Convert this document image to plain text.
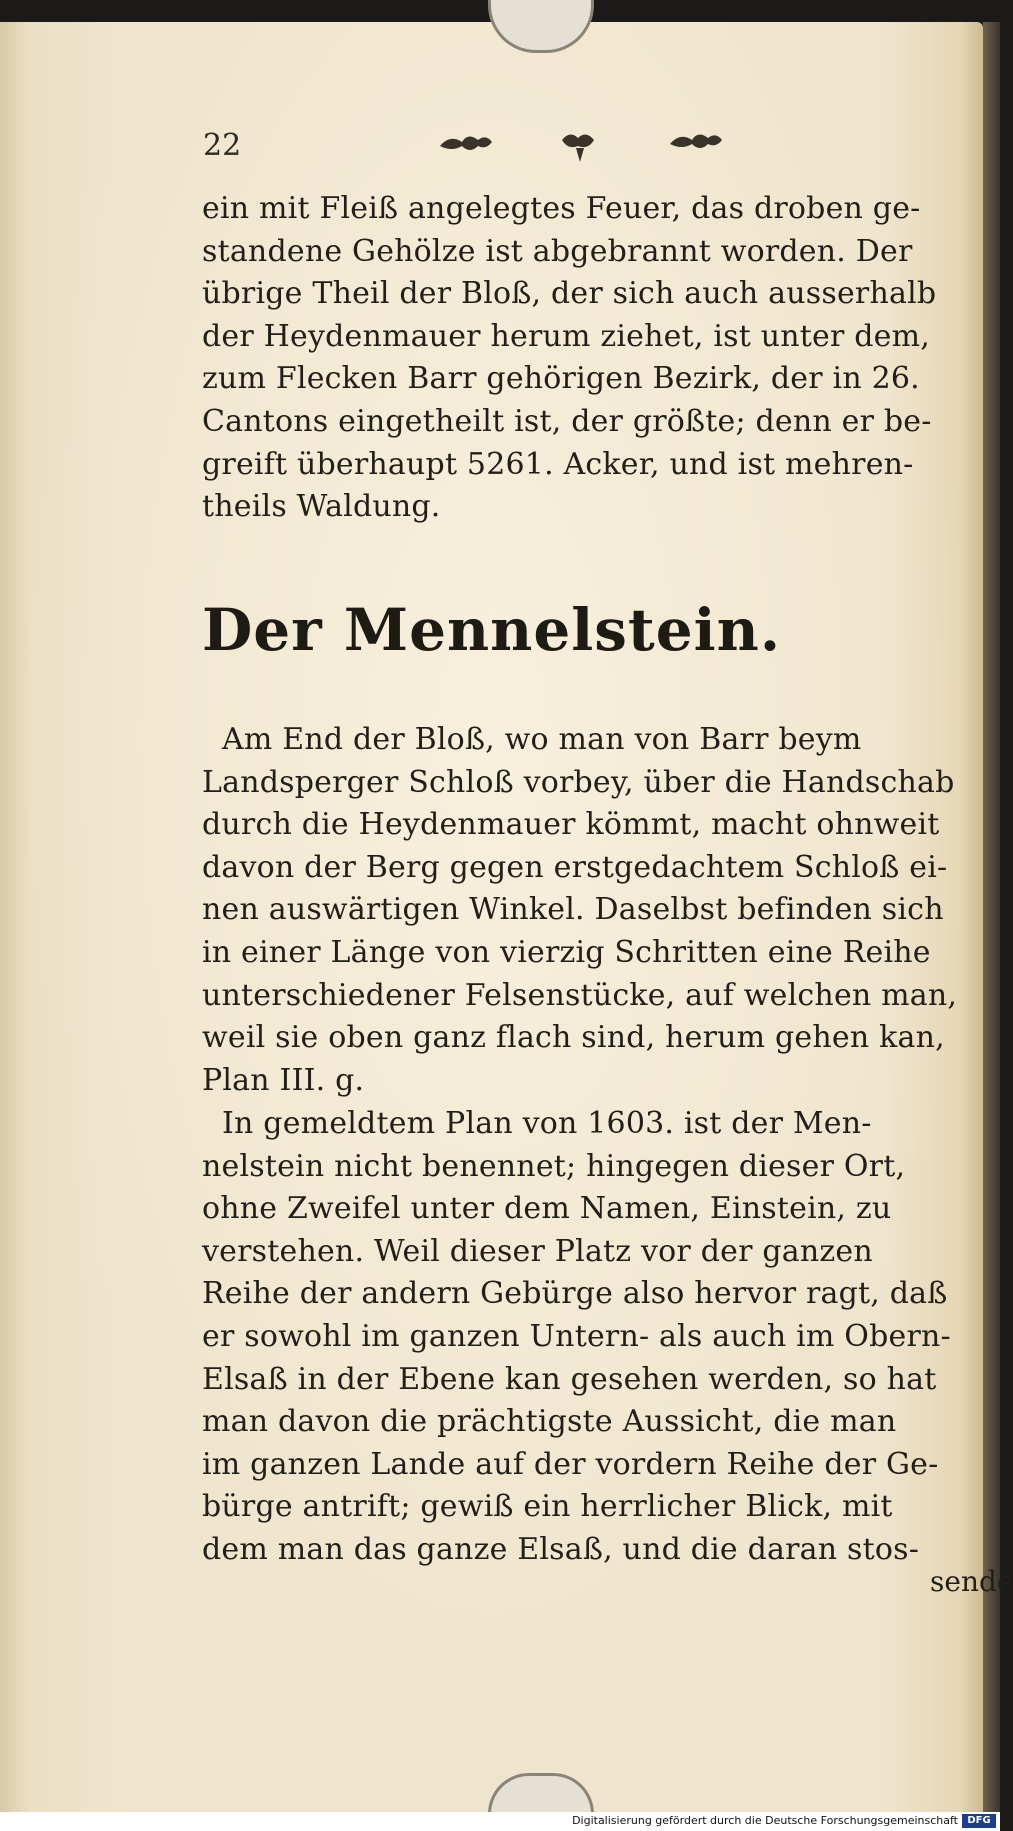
22
ein mit Fleiß angelegtes Feuer, das droben ge-
standene Gehölze ist abgebrannt worden. Der
übrige Theil der Bloß, der sich auch ausserhalb
der Heydenmauer herum ziehet, ist unter dem,
zum Flecken Barr gehörigen Bezirk, der in 26.
Cantons eingetheilt ist, der größte; denn er be-
greift überhaupt 5261. Acker, und ist mehren-
theils Waldung.
Der Mennelstein.
Am End der Bloß, wo man von Barr beym
Landsperger Schloß vorbey, über die Handschab
durch die Heydenmauer kömmt, macht ohnweit
davon der Berg gegen erstgedachtem Schloß ei-
nen auswärtigen Winkel. Daselbst befinden sich
in einer Länge von vierzig Schritten eine Reihe
unterschiedener Felsenstücke, auf welchen man,
weil sie oben ganz flach sind, herum gehen kan,
Plan III. g.
In gemeldtem Plan von 1603. ist der Men-
nelstein nicht benennet; hingegen dieser Ort,
ohne Zweifel unter dem Namen, Einstein, zu
verstehen. Weil dieser Platz vor der ganzen
Reihe der andern Gebürge also hervor ragt, daß
er sowohl im ganzen Untern- als auch im Obern-
Elsaß in der Ebene kan gesehen werden, so hat
man davon die prächtigste Aussicht, die man
im ganzen Lande auf der vordern Reihe der Ge-
bürge antrift; gewiß ein herrlicher Blick, mit
dem man das ganze Elsaß, und die daran stos-
sende
Digitalisierung gefördert durch die Deutsche Forschungsgemeinschaft DFG
